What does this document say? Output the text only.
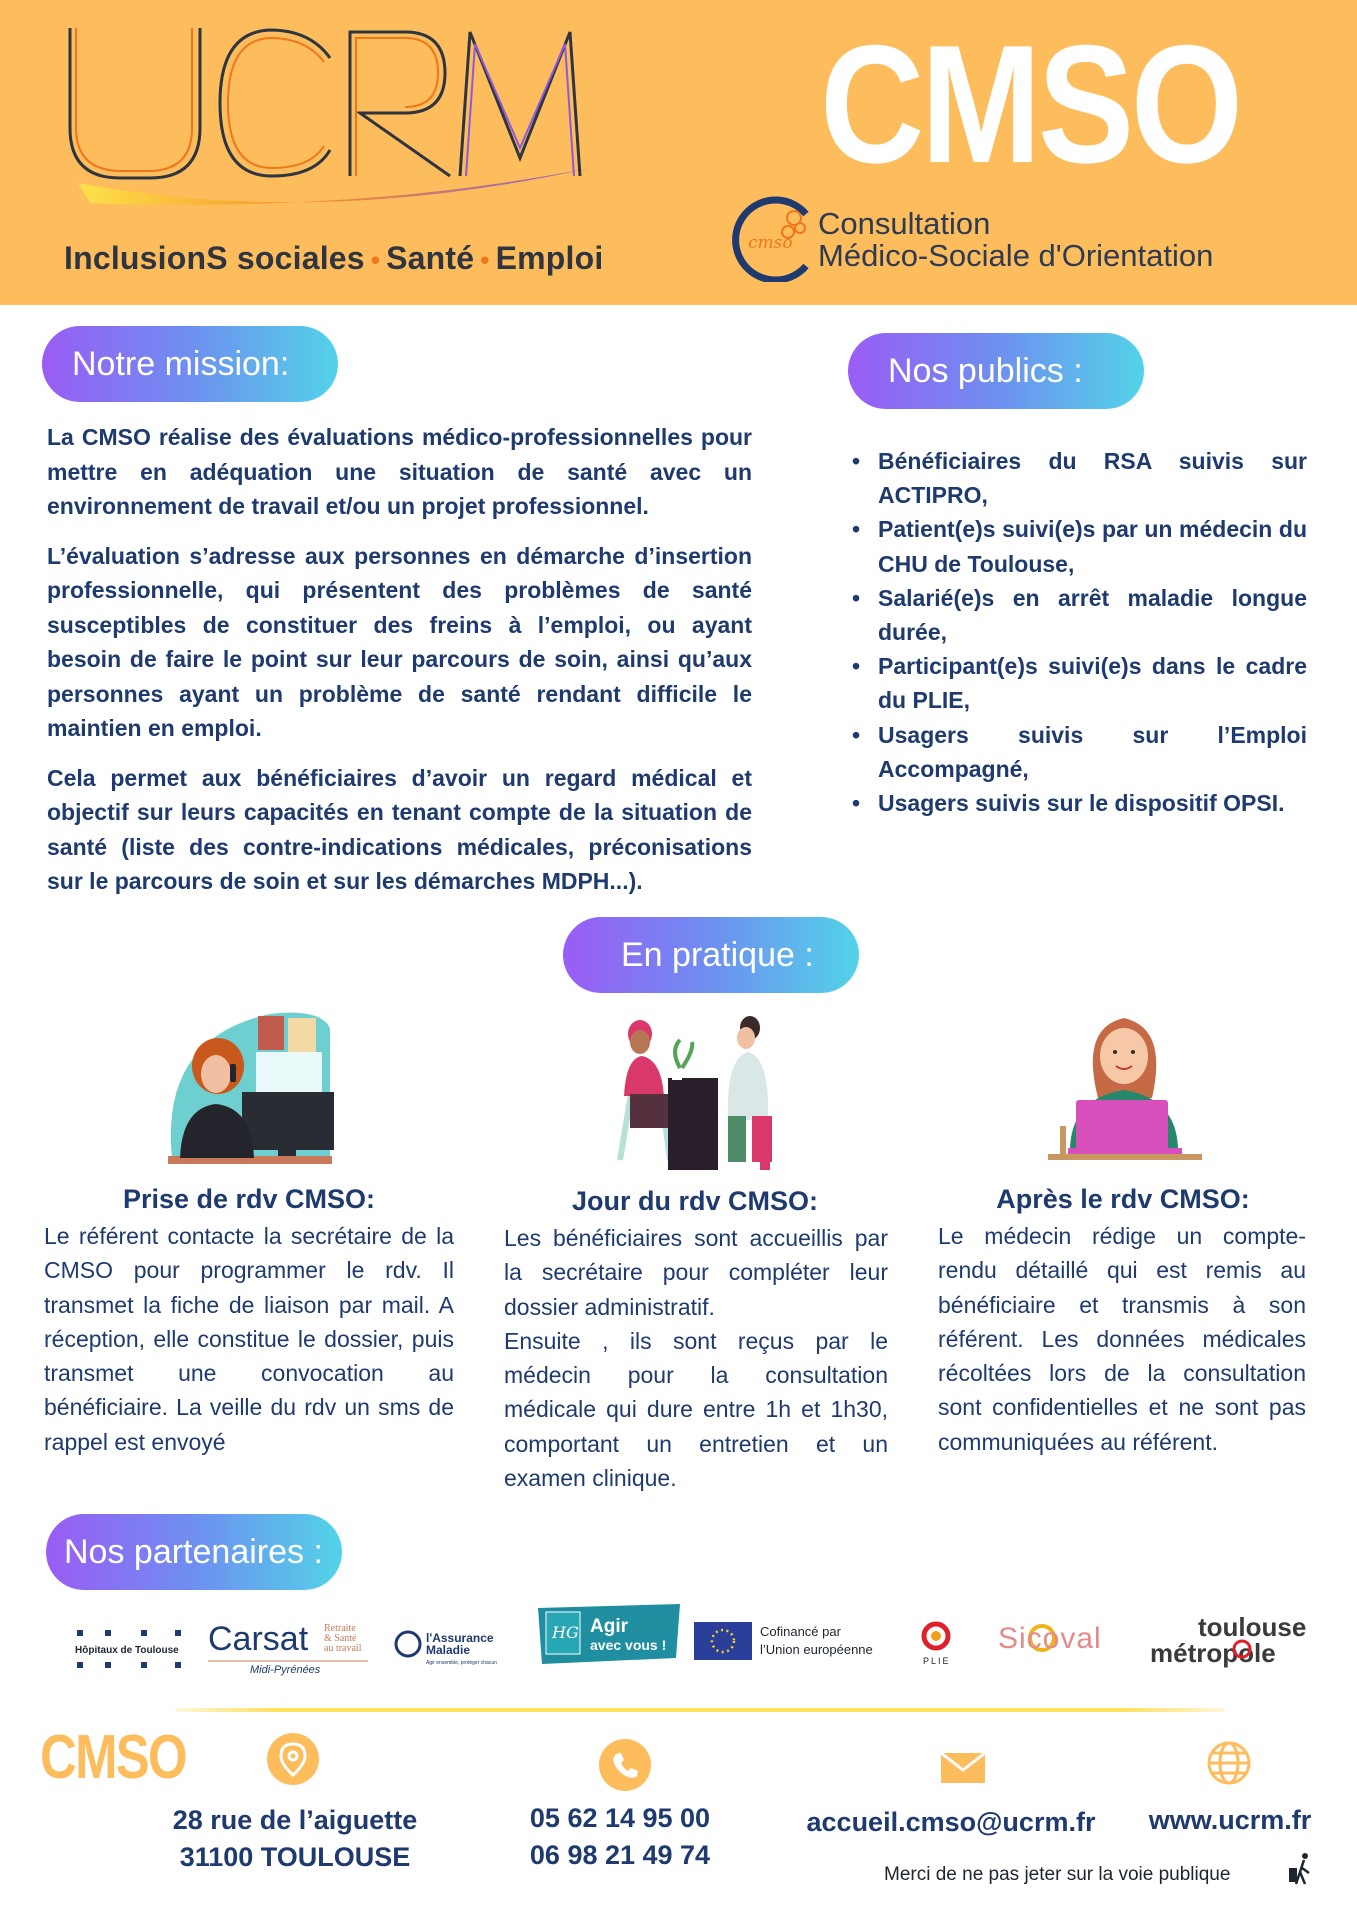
InclusionS sociales • Santé • Emploi
CMSO
cmso
Consultation
Médico-Sociale d'Orientation
Notre mission:

La CMSO réalise des évaluations médico-professionnelles pour mettre en adéquation une situation de santé avec un environnement de travail et/ou un projet professionnel.

L’évaluation s’adresse aux personnes en démarche d’insertion professionnelle, qui présentent des problèmes de santé susceptibles de constituer des freins à l’emploi, ou ayant besoin de faire le point sur leur parcours de soin, ainsi qu’aux personnes ayant un problème de santé rendant difficile le maintien en emploi.

Cela permet aux bénéficiaires d’avoir un regard médical et objectif sur leurs capacités en tenant compte de la situation de santé (liste des contre-indications médicales, préconisations sur le parcours de soin et sur les démarches MDPH...).

Nos publics :
• Bénéficiaires du RSA suivis sur ACTIPRO,
• Patient(e)s suivi(e)s par un médecin du CHU de Toulouse,
• Salarié(e)s en arrêt maladie longue durée,
• Participant(e)s suivi(e)s dans le cadre du PLIE,
• Usagers suivis sur l’Emploi Accompagné,
• Usagers suivis sur le dispositif OPSI.
En pratique :
Prise de rdv CMSO:
Le référent contacte la secrétaire de la CMSO pour programmer le rdv. Il transmet la fiche de liaison par mail. A réception, elle constitue le dossier, puis transmet une convocation au bénéficiaire. La veille du rdv un sms de rappel est envoyé
Jour du rdv CMSO:
Les bénéficiaires sont accueillis par la secrétaire pour compléter leur dossier administratif.
Ensuite , ils sont reçus par le médecin pour la consultation médicale qui dure entre 1h et 1h30, comportant un entretien et un examen clinique.
Après le rdv CMSO:
Le médecin rédige un compte-rendu détaillé qui est remis au bénéficiaire et transmis à son référent. Les données médicales récoltées lors de la consultation sont confidentielles et ne sont pas communiquées au référent.
Nos partenaires :
Hôpitaux de Toulouse Carsat Retraite
& Santé
au travail
Midi-Pyrénées
l'Assurance
Maladie
Agir ensemble, protéger chacun
HG Agir
avec vous !
Cofinancé par
l’Union européenne
PLIE
Sicoval	toulouse
métropole
CMSO
28 rue de l’aiguette
31100 TOULOUSE
05 62 14 95 00
06 98 21 49 74
accueil.cmso@ucrm.fr	www.ucrm.fr
Merci de ne pas jeter sur la voie publique
